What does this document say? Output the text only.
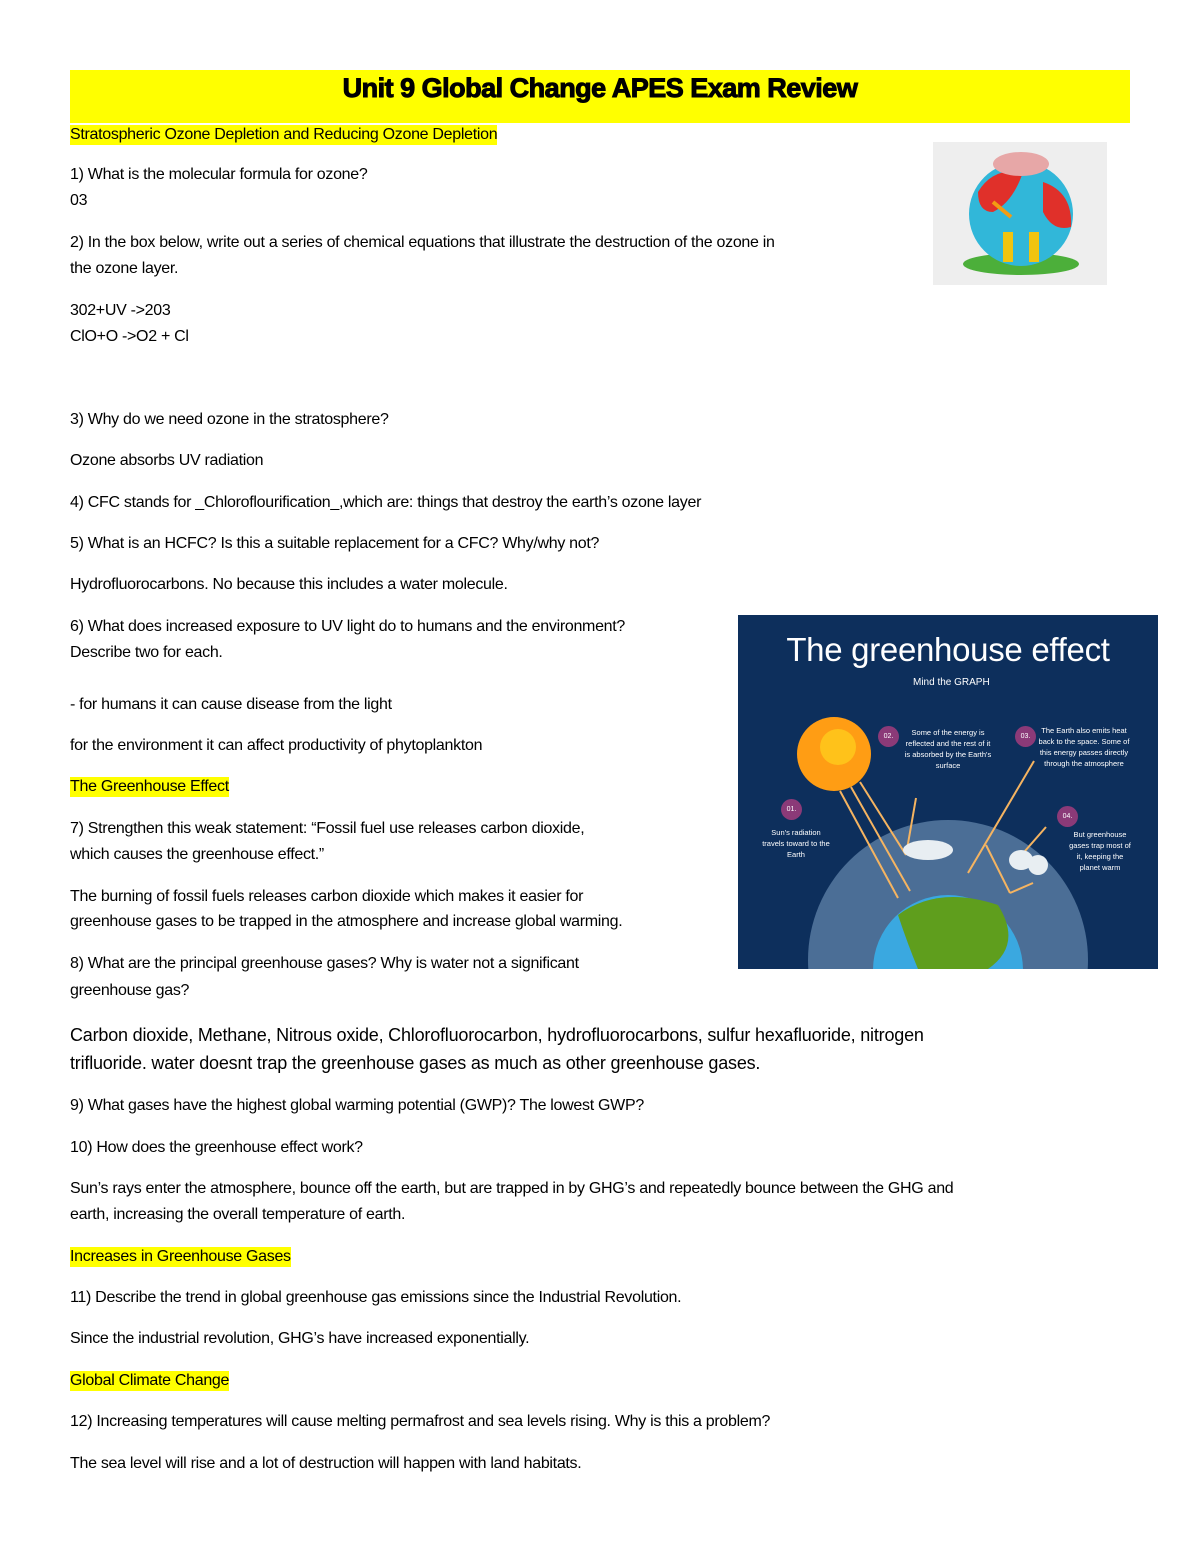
Unit 9 Global Change APES Exam Review
Stratospheric Ozone Depletion and Reducing Ozone Depletion
1) What is the molecular formula for ozone?
03
2) In the box below, write out a series of chemical equations that illustrate the destruction of the ozone in
the ozone layer.
302+UV ->203
ClO+O ->O2 + Cl
3) Why do we need ozone in the stratosphere?
Ozone absorbs UV radiation
4) CFC stands for _Chloroflourification_,which are: things that destroy the earth’s ozone layer
5) What is an HCFC? Is this a suitable replacement for a CFC? Why/why not?
Hydrofluorocarbons. No because this includes a water molecule.
6) What does increased exposure to UV light do to humans and the environment?
Describe two for each.
- for humans it can cause disease from the light
for the environment it can affect productivity of phytoplankton
The Greenhouse Effect
7) Strengthen this weak statement: “Fossil fuel use releases carbon dioxide,
which causes the greenhouse effect.”
The burning of fossil fuels releases carbon dioxide which makes it easier for
greenhouse gases to be trapped in the atmosphere and increase global warming.
8) What are the principal greenhouse gases? Why is water not a significant
greenhouse gas?
Carbon dioxide, Methane, Nitrous oxide, Chlorofluorocarbon, hydrofluorocarbons, sulfur hexafluoride, nitrogen
trifluoride. water doesnt trap the greenhouse gases as much as other greenhouse gases.
9) What gases have the highest global warming potential (GWP)? The lowest GWP?
10) How does the greenhouse effect work?
Sun’s rays enter the atmosphere, bounce off the earth, but are trapped in by GHG’s and repeatedly bounce between the GHG and
earth, increasing the overall temperature of earth.
Increases in Greenhouse Gases
11) Describe the trend in global greenhouse gas emissions since the Industrial Revolution.
Since the industrial revolution, GHG’s have increased exponentially.
Global Climate Change
12) Increasing temperatures will cause melting permafrost and sea levels rising. Why is this a problem?
The sea level will rise and a lot of destruction will happen with land habitats.
The greenhouse effect
Mind the GRAPH
01.
Sun's radiation travels toward to the Earth
02.	Some of the energy is reflected and the rest of it is absorbed by the Earth's surface
03.
The Earth also emits heat back to the space. Some of this energy passes directly through the atmosphere
04.
But greenhouse gases trap most of it, keeping the planet warm
